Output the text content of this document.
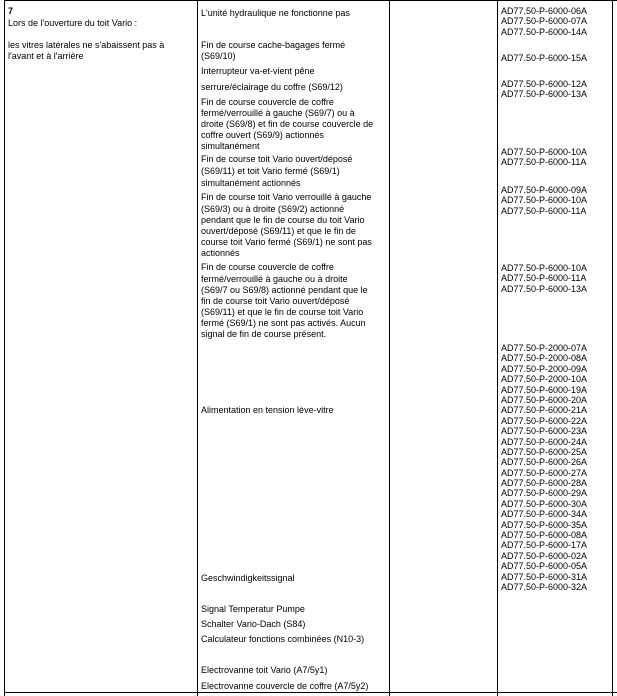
7
Lors de l'ouverture du toit Vario :
les vitres latérales ne s'abaissent pas à
l'avant et à l'arrière
L'unité hydraulique ne fonctionne pas
Fin de course cache-bagages fermé
(S69/10)
Interrupteur va-et-vient pêne
serrure/éclairage du coffre (S69/12)
Fin de course couvercle de coffre
fermé/verrouillé à gauche (S69/7) ou à
droite (S69/8) et fin de course couvercle de
coffre ouvert (S69/9) actionnés
simultanément
Fin de course toit Vario ouvert/déposé
(S69/11) et toit Vario fermé (S69/1)
simultanément actionnés
Fin de course toit Vario verrouillé à gauche
(S69/3) ou à droite (S69/2) actionné
pendant que le fin de course du toit Vario
ouvert/déposé (S69/11) et que le fin de
course toit Vario fermé (S69/1) ne sont pas
actionnés
Fin de course couvercle de coffre
fermé/verrouillé à gauche ou à droite
(S69/7 ou S69/8) actionné pendant que le
fin de course toit Vario ouvert/déposé
(S69/11) et que le fin de course toit Vario
fermé (S69/1) ne sont pas activés. Aucun
signal de fin de course présent.
Alimentation en tension lève-vitre
Geschwindigkeitssignal
Signal Temperatur Pumpe
Schalter Vario-Dach (S84)
Calculateur fonctions combinées (N10-3)
Electrovanne toit Vario (A7/5y1)
Electrovanne couvercle de coffre (A7/5y2)
AD77.50-P-6000-06A
AD77.50-P-6000-07A
AD77.50-P-6000-14A
AD77.50-P-6000-15A
AD77.50-P-6000-12A
AD77.50-P-6000-13A
AD77.50-P-6000-10A
AD77.50-P-6000-11A
AD77.50-P-6000-09A
AD77.50-P-6000-10A
AD77.50-P-6000-11A
AD77.50-P-6000-10A
AD77.50-P-6000-11A
AD77.50-P-6000-13A
AD77.50-P-2000-07A
AD77.50-P-2000-08A
AD77.50-P-2000-09A
AD77.50-P-2000-10A
AD77.50-P-6000-19A
AD77.50-P-6000-20A
AD77.50-P-6000-21A
AD77.50-P-6000-22A
AD77.50-P-6000-23A
AD77.50-P-6000-24A
AD77.50-P-6000-25A
AD77.50-P-6000-26A
AD77.50-P-6000-27A
AD77.50-P-6000-28A
AD77.50-P-6000-29A
AD77.50-P-6000-30A
AD77.50-P-6000-34A
AD77.50-P-6000-35A
AD77.50-P-6000-08A
AD77.50-P-6000-17A
AD77.50-P-6000-02A
AD77.50-P-6000-05A
AD77.50-P-6000-31A
AD77.50-P-6000-32A
